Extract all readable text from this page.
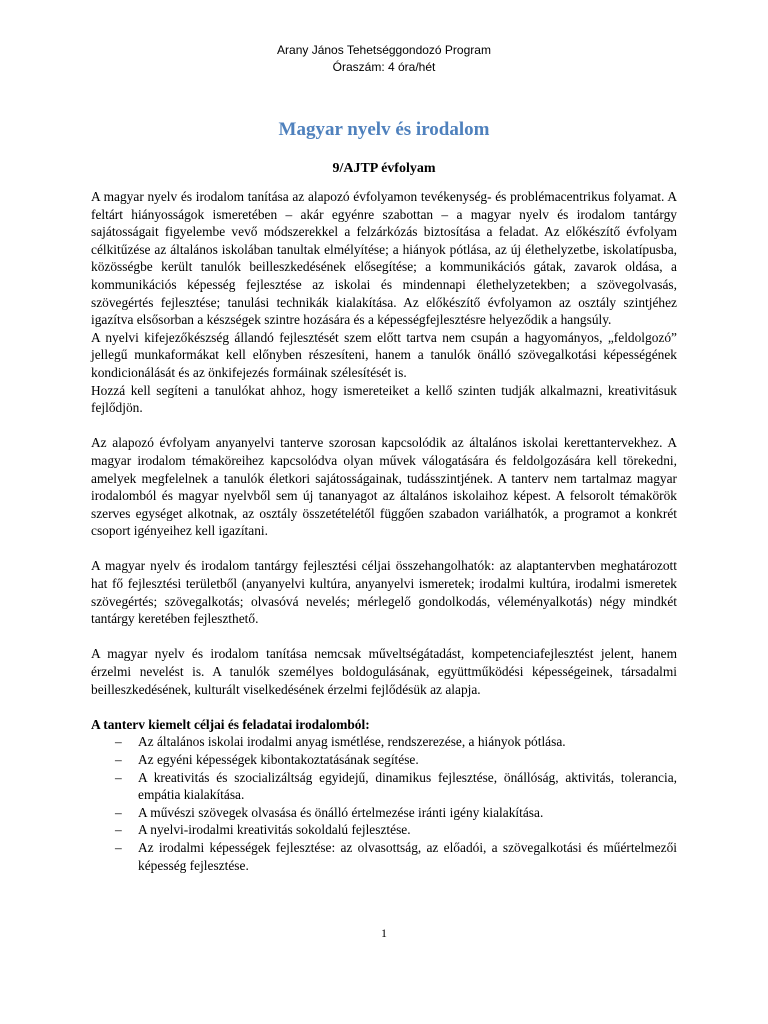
Arany János Tehetséggondozó Program
Óraszám: 4 óra/hét
Magyar nyelv és irodalom
9/AJTP évfolyam

A magyar nyelv és irodalom tanítása az alapozó évfolyamon tevékenység- és problémacentrikus folyamat. A feltárt hiányosságok ismeretében – akár egyénre szabottan – a magyar nyelv és irodalom tantárgy sajátosságait figyelembe vevő módszerekkel a felzárkózás biztosítása a feladat. Az előkészítő évfolyam célkitűzése az általános iskolában tanultak elmélyítése; a hiányok pótlása, az új élethelyzetbe, iskolatípusba, közösségbe került tanulók beilleszkedésének elősegítése; a kommunikációs gátak, zavarok oldása, a kommunikációs képesség fejlesztése az iskolai és mindennapi élethelyzetekben; a szövegolvasás, szövegértés fejlesztése; tanulási technikák kialakítása. Az előkészítő évfolyamon az osztály szintjéhez igazítva elsősorban a készségek szintre hozására és a képességfejlesztésre helyeződik a hangsúly.

A nyelvi kifejezőkészség állandó fejlesztését szem előtt tartva nem csupán a hagyományos, „feldolgozó” jellegű munkaformákat kell előnyben részesíteni, hanem a tanulók önálló szövegalkotási képességének kondicionálását és az önkifejezés formáinak szélesítését is.

Hozzá kell segíteni a tanulókat ahhoz, hogy ismereteiket a kellő szinten tudják alkalmazni, kreativitásuk fejlődjön.

Az alapozó évfolyam anyanyelvi tanterve szorosan kapcsolódik az általános iskolai kerettantervekhez. A magyar irodalom témaköreihez kapcsolódva olyan művek válogatására és feldolgozására kell törekedni, amelyek megfelelnek a tanulók életkori sajátosságainak, tudásszintjének. A tanterv nem tartalmaz magyar irodalomból és magyar nyelvből sem új tananyagot az általános iskolaihoz képest. A felsorolt témakörök szerves egységet alkotnak, az osztály összetételétől függően szabadon variálhatók, a programot a konkrét csoport igényeihez kell igazítani.

A magyar nyelv és irodalom tantárgy fejlesztési céljai összehangolhatók: az alaptantervben meghatározott hat fő fejlesztési területből (anyanyelvi kultúra, anyanyelvi ismeretek; irodalmi kultúra, irodalmi ismeretek szövegértés; szövegalkotás; olvasóvá nevelés; mérlegelő gondolkodás, véleményalkotás) négy mindkét tantárgy keretében fejleszthető.

A magyar nyelv és irodalom tanítása nemcsak műveltségátadást, kompetenciafejlesztést jelent, hanem érzelmi nevelést is. A tanulók személyes boldogulásának, együttműködési képességeinek, társadalmi beilleszkedésének, kulturált viselkedésének érzelmi fejlődésük az alapja.

A tanterv kiemelt céljai és feladatai irodalomból:
– Az általános iskolai irodalmi anyag ismétlése, rendszerezése, a hiányok pótlása.
– Az egyéni képességek kibontakoztatásának segítése.
– A kreativitás és szocializáltság egyidejű, dinamikus fejlesztése, önállóság, aktivitás, tolerancia, empátia kialakítása.
– A művészi szövegek olvasása és önálló értelmezése iránti igény kialakítása.
– A nyelvi-irodalmi kreativitás sokoldalú fejlesztése.
– Az irodalmi képességek fejlesztése: az olvasottság, az előadói, a szövegalkotási és műértelmezői képesség fejlesztése.
1
